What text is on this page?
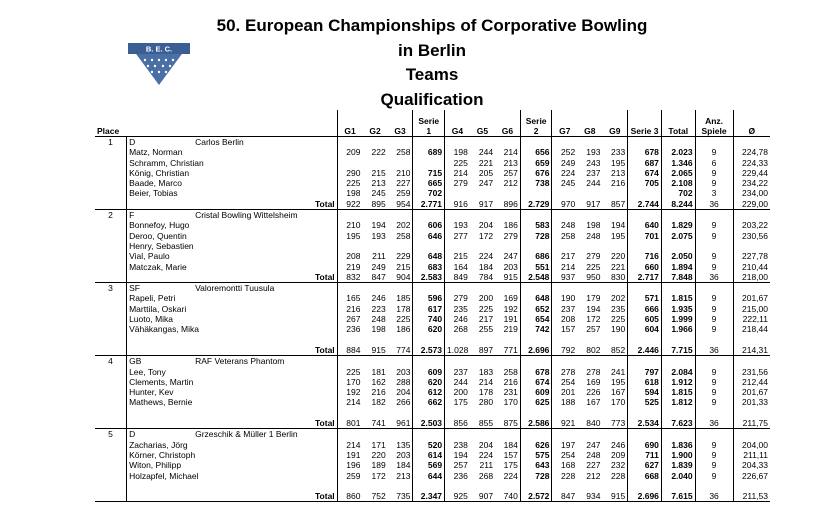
B. E. C.
50. European Championships of Corporative Bowling
in Berlin
Teams
Qualification
Place		G1	G2	G3	Serie 1	G4	G5	G6	Serie 2	G7	G8	G9	Serie 3	Total	Anz. Spiele	Ø
1	D Carlos Berlin															
	Matz, Norman	209	222	258	689	198	244	214	656	252	193	233	678	2.023	9	224,78
	Schramm, Christian					225	221	213	659	249	243	195	687	1.346	6	224,33
	König, Christian	290	215	210	715	214	205	257	676	224	237	213	674	2.065	9	229,44
	Baade, Marco	225	213	227	665	279	247	212	738	245	244	216	705	2.108	9	234,22
	Beier, Tobias	198	245	259	702									702	3	234,00
	Total	922	895	954	2.771	916	917	896	2.729	970	917	857	2.744	8.244	36	229,00
2	F Cristal Bowling Wittelsheim															
	Bonnefoy, Hugo	210	194	202	606	193	204	186	583	248	198	194	640	1.829	9	203,22
	Deroo, Quentin	195	193	258	646	277	172	279	728	258	248	195	701	2.075	9	230,56
	Henry, Sebastien															
	Vial, Paulo	208	211	229	648	215	224	247	686	217	279	220	716	2.050	9	227,78
	Matczak, Marie	219	249	215	683	164	184	203	551	214	225	221	660	1.894	9	210,44
	Total	832	847	904	2.583	849	784	915	2.548	937	950	830	2.717	7.848	36	218,00
3	SF Valoremontti Tuusula															
	Rapeli, Petri	165	246	185	596	279	200	169	648	190	179	202	571	1.815	9	201,67
	Marttila, Oskari	216	223	178	617	235	225	192	652	237	194	235	666	1.935	9	215,00
	Luoto, Mika	267	248	225	740	246	217	191	654	208	172	225	605	1.999	9	222,11
	Vähäkangas, Mika	236	198	186	620	268	255	219	742	157	257	190	604	1.966	9	218,44

	Total	884	915	774	2.573	1.028	897	771	2.696	792	802	852	2.446	7.715	36	214,31
4	GB RAF Veterans Phantom															
	Lee, Tony	225	181	203	609	237	183	258	678	278	278	241	797	2.084	9	231,56
	Clements, Martin	170	162	288	620	244	214	216	674	254	169	195	618	1.912	9	212,44
	Hunter, Kev	192	216	204	612	200	178	231	609	201	226	167	594	1.815	9	201,67
	Mathews, Bernie	214	182	266	662	175	280	170	625	188	167	170	525	1.812	9	201,33

	Total	801	741	961	2.503	856	855	875	2.586	921	840	773	2.534	7.623	36	211,75
5	D Grzeschik & Müller 1 Berlin															
	Zacharias, Jörg	214	171	135	520	238	204	184	626	197	247	246	690	1.836	9	204,00
	Körner, Christoph	191	220	203	614	194	224	157	575	254	248	209	711	1.900	9	211,11
	Witon, Philipp	196	189	184	569	257	211	175	643	168	227	232	627	1.839	9	204,33
	Holzapfel, Michael	259	172	213	644	236	268	224	728	228	212	228	668	2.040	9	226,67

	Total	860	752	735	2.347	925	907	740	2.572	847	934	915	2.696	7.615	36	211,53
